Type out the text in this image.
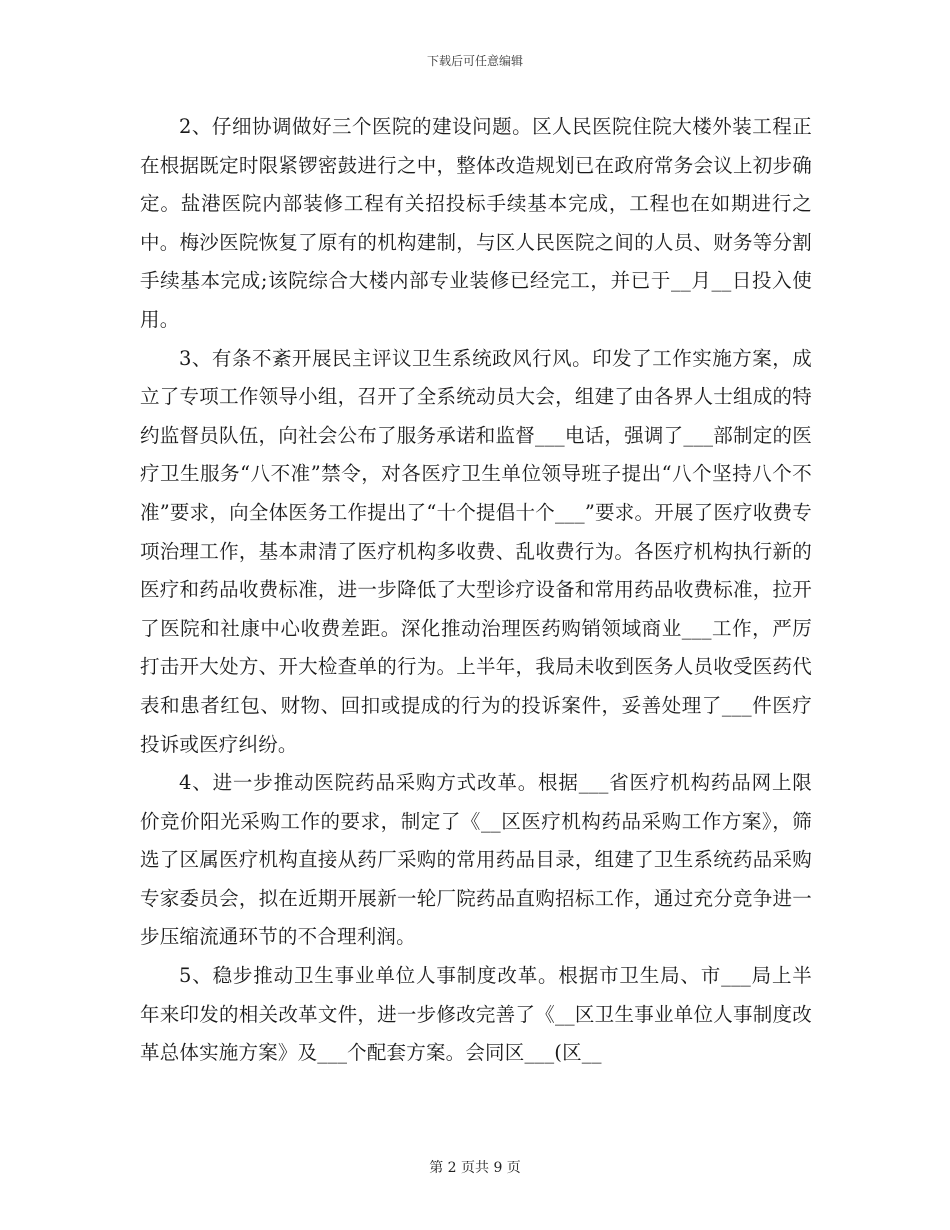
下载后可任意编辑

2、仔细协调做好三个医院的建设问题。区人民医院住院大楼外装工程正在根据既定时限紧锣密鼓进行之中，整体改造规划已在政府常务会议上初步确定。盐港医院内部装修工程有关招投标手续基本完成，工程也在如期进行之中。梅沙医院恢复了原有的机构建制，与区人民医院之间的人员、财务等分割手续基本完成;该院综合大楼内部专业装修已经完工，并已于__月__日投入使用。

3、有条不紊开展民主评议卫生系统政风行风。印发了工作实施方案，成立了专项工作领导小组，召开了全系统动员大会，组建了由各界人士组成的特约监督员队伍，向社会公布了服务承诺和监督___电话，强调了___部制定的医疗卫生服务“八不准”禁令，对各医疗卫生单位领导班子提出“八个坚持八个不准”要求，向全体医务工作提出了“十个提倡十个___”要求。开展了医疗收费专项治理工作，基本肃清了医疗机构多收费、乱收费行为。各医疗机构执行新的医疗和药品收费标准，进一步降低了大型诊疗设备和常用药品收费标准，拉开了医院和社康中心收费差距。深化推动治理医药购销领域商业___工作，严厉打击开大处方、开大检查单的行为。上半年，我局未收到医务人员收受医药代表和患者红包、财物、回扣或提成的行为的投诉案件，妥善处理了___件医疗投诉或医疗纠纷。

4、进一步推动医院药品采购方式改革。根据___省医疗机构药品网上限价竞价阳光采购工作的要求，制定了《__区医疗机构药品采购工作方案》，筛选了区属医疗机构直接从药厂采购的常用药品目录，组建了卫生系统药品采购专家委员会，拟在近期开展新一轮厂院药品直购招标工作，通过充分竞争进一步压缩流通环节的不合理利润。

5、稳步推动卫生事业单位人事制度改革。根据市卫生局、市___局上半年来印发的相关改革文件，进一步修改完善了《__区卫生事业单位人事制度改革总体实施方案》及___个配套方案。会同区___(区__

第 2 页共 9 页
